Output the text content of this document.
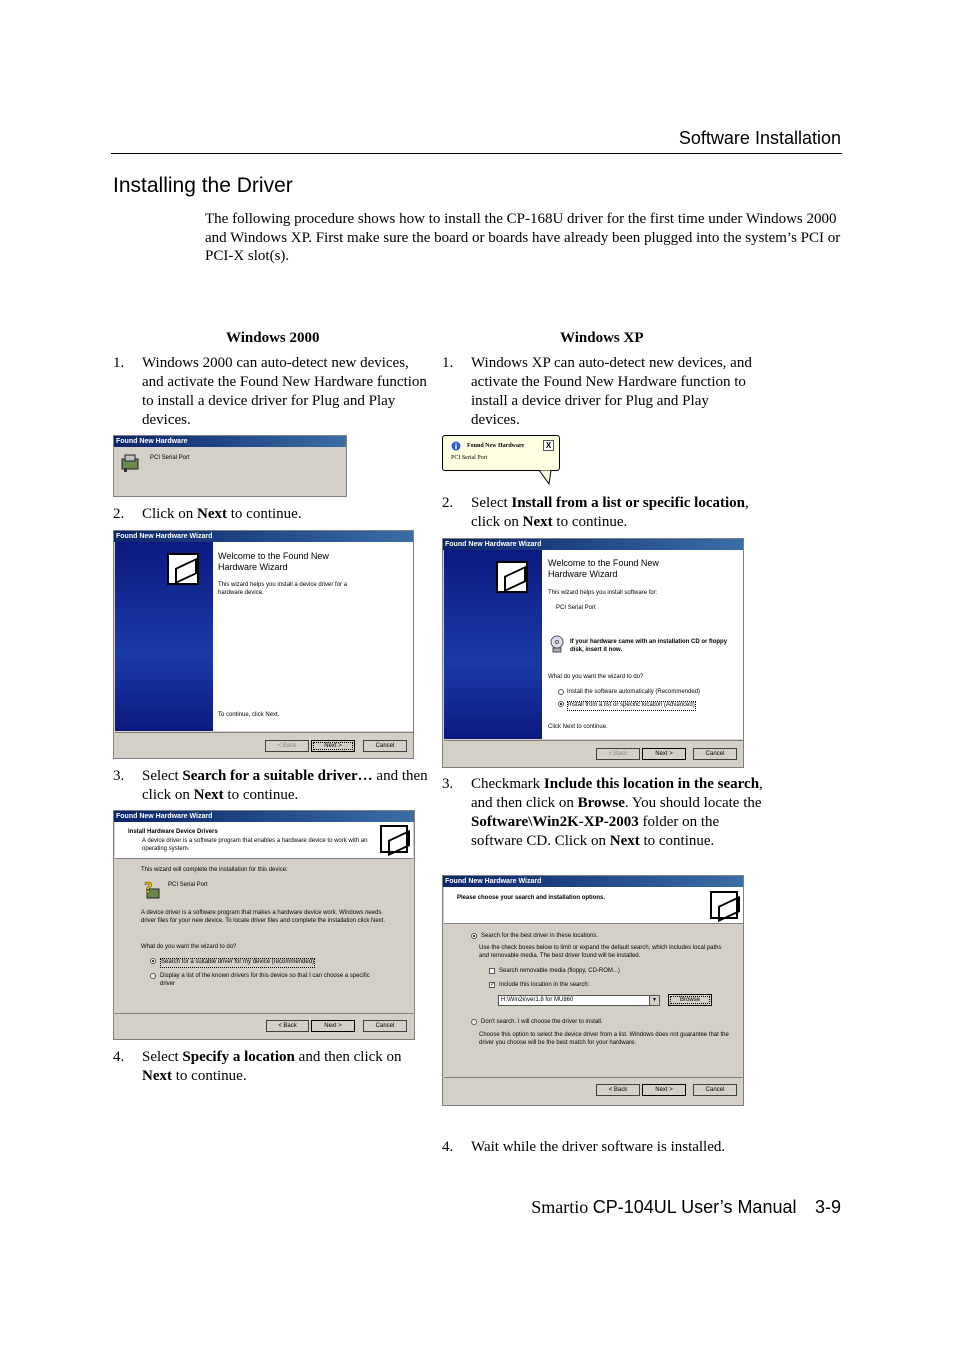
Software Installation
Installing the Driver
The following procedure shows how to install the CP-168U driver for the first time under Windows 2000 and Windows XP. First make sure the board or boards have already been plugged into the system’s PCI or PCI-X slot(s).
Windows 2000
1. Windows 2000 can auto-detect new devices, and activate the Found New Hardware function to install a device driver for Plug and Play devices.
Found New Hardware
PCI Serial Port
2. Click on Next to continue.
Found New Hardware Wizard
Welcome to the Found New Hardware Wizard
This wizard helps you install a device driver for a hardware device.
To continue, click Next.
< Back	Next >	Cancel
3. Select Search for a suitable driver… and then click on Next to continue.
Found New Hardware Wizard
Install Hardware Device Drivers
A device driver is a software program that enables a hardware device to work with an operating system.
This wizard will complete the installation for this device:
?	PCI Serial Port
A device driver is a software program that makes a hardware device work. Windows needs driver files for your new device. To locate driver files and complete the installation click Next.
What do you want the wizard to do?
Search for a suitable driver for my device (recommended)
Display a list of the known drivers for this device so that I can choose a specific driver
< Back	Next >	Cancel
4. Select Specify a location and then click on Next to continue.
Windows XP
1. Windows XP can auto-detect new devices, and activate the Found New Hardware function to install a device driver for Plug and Play devices.
Found New Hardware
PCI Serial Port
X
2. Select Install from a list or specific location, click on Next to continue.
Found New Hardware Wizard
Welcome to the Found New Hardware Wizard
This wizard helps you install software for:
PCI Serial Port
If your hardware came with an installation CD or floppy disk, insert it now.
What do you want the wizard to do?
Install the software automatically (Recommended)
Install from a list or specific location (Advanced)
Click Next to continue.
< Back	Next >	Cancel
3. Checkmark Include this location in the search, and then click on Browse. You should locate the Software\Win2K-XP-2003 folder on the software CD. Click on Next to continue.
Found New Hardware Wizard
Please choose your search and installation options.
Search for the best driver in these locations.
Use the check boxes below to limit or expand the default search, which includes local paths and removable media. The best driver found will be installed.
Search removable media (floppy, CD-ROM...)
✓ Include this location in the search:
H:\Win2k\ver1.8 for MU860	▼	Browse
Don't search. I will choose the driver to install.
Choose this option to select the device driver from a list. Windows does not guarantee that the driver you choose will be the best match for your hardware.
< Back	Next >	Cancel
4. Wait while the driver software is installed.
Smartio CP-104UL User’s Manual 3-9
